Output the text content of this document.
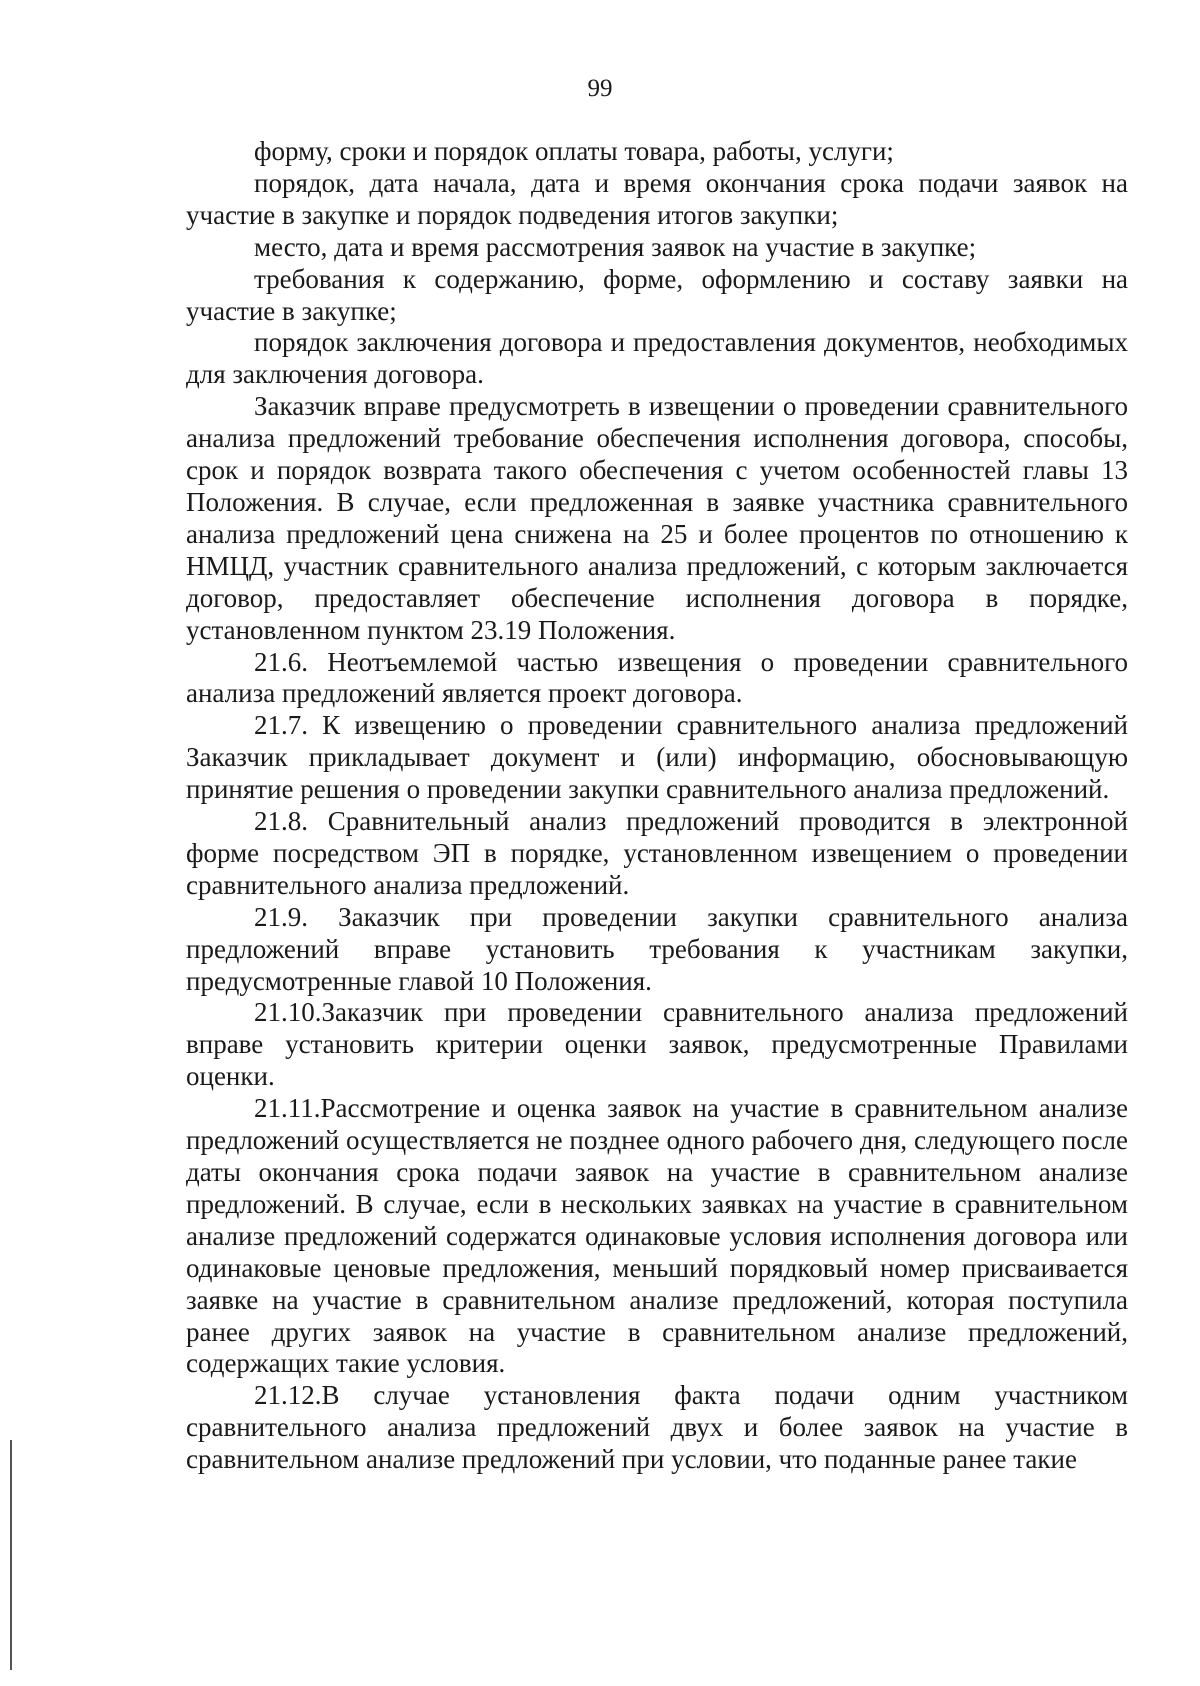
99

форму, сроки и порядок оплаты товара, работы, услуги;

порядок, дата начала, дата и время окончания срока подачи заявок на участие в закупке и порядок подведения итогов закупки;

место, дата и время рассмотрения заявок на участие в закупке;

требования к содержанию, форме, оформлению и составу заявки на участие в закупке;

порядок заключения договора и предоставления документов, необходимых для заключения договора.

Заказчик вправе предусмотреть в извещении о проведении сравнительного анализа предложений требование обеспечения исполнения договора, способы, срок и порядок возврата такого обеспечения с учетом особенностей главы 13 Положения. В случае, если предложенная в заявке участника сравнительного анализа предложений цена снижена на 25 и более процентов по отношению к НМЦД, участник сравнительного анализа предложений, с которым заключается договор, предоставляет обеспечение исполнения договора в порядке, установленном пунктом 23.19 Положения.

21.6. Неотъемлемой частью извещения о проведении сравнительного анализа предложений является проект договора.

21.7. К извещению о проведении сравнительного анализа предложений Заказчик прикладывает документ и (или) информацию, обосновывающую принятие решения о проведении закупки сравнительного анализа предложений.

21.8. Сравнительный анализ предложений проводится в электронной форме посредством ЭП в порядке, установленном извещением о проведении сравнительного анализа предложений.

21.9. Заказчик при проведении закупки сравнительного анализа предложений вправе установить требования к участникам закупки, предусмотренные главой 10 Положения.

21.10.Заказчик при проведении сравнительного анализа предложений вправе установить критерии оценки заявок, предусмотренные Правилами оценки.

21.11.Рассмотрение и оценка заявок на участие в сравнительном анализе предложений осуществляется не позднее одного рабочего дня, следующего после даты окончания срока подачи заявок на участие в сравнительном анализе предложений. В случае, если в нескольких заявках на участие в сравнительном анализе предложений содержатся одинаковые условия исполнения договора или одинаковые ценовые предложения, меньший порядковый номер присваивается заявке на участие в сравнительном анализе предложений, которая поступила ранее других заявок на участие в сравнительном анализе предложений, содержащих такие условия.

21.12.В случае установления факта подачи одним участником сравнительного анализа предложений двух и более заявок на участие в сравнительном анализе предложений при условии, что поданные ранее такие
